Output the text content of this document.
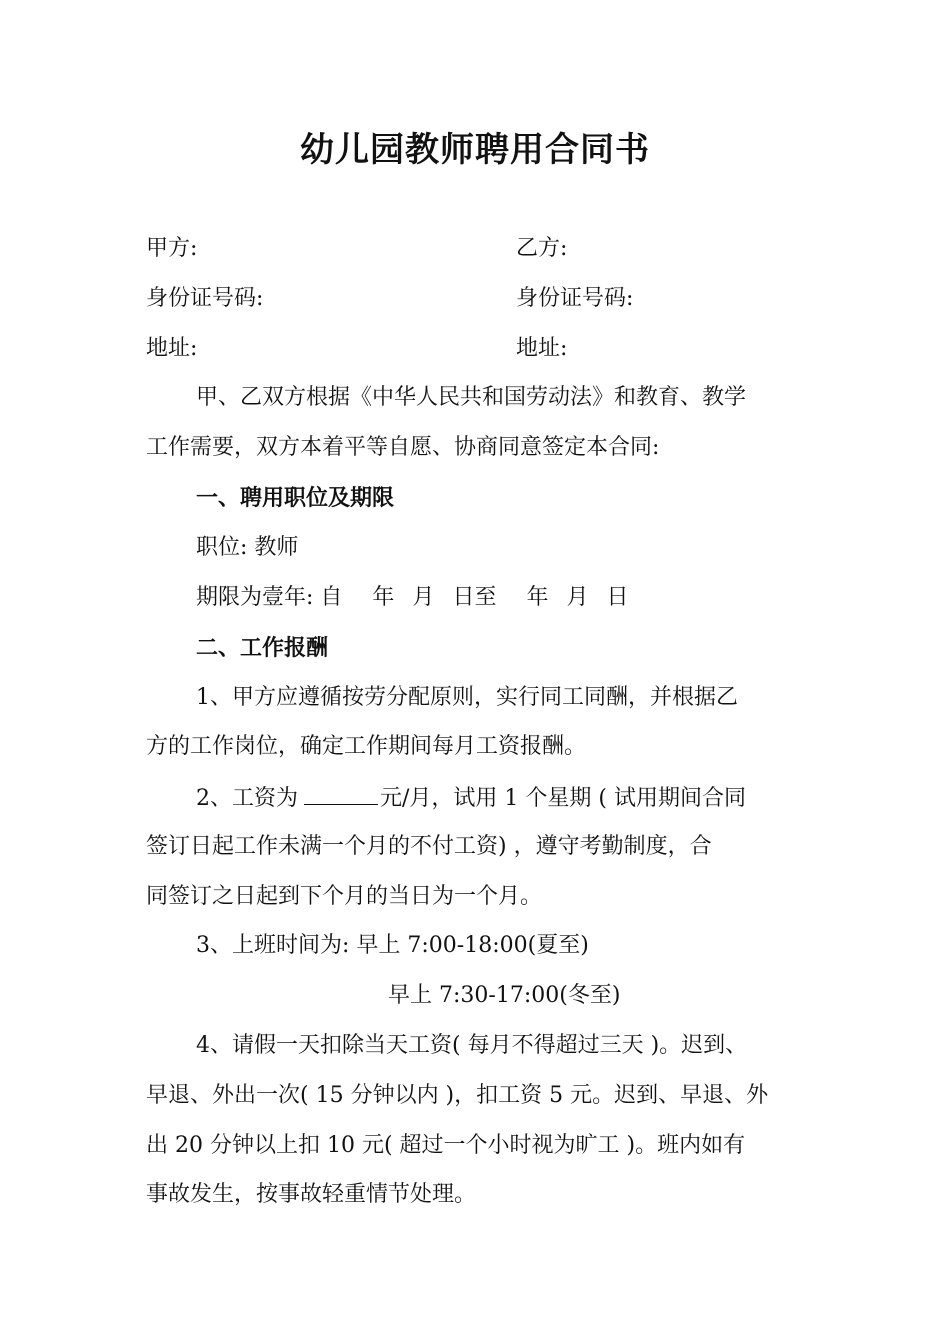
幼儿园教师聘用合同书
甲方:	乙方:
身份证号码:	身份证号码:
地址:	地址:
甲、乙双方根据《中华人民共和国劳动法》和教育、教学
工作需要，双方本着平等自愿、协商同意签定本合同:
一、聘用职位及期限
职位: 教师
期限为壹年: 自 年 月 日至 年 月 日
二、工作报酬
1、甲方应遵循按劳分配原则，实行同工同酬，并根据乙
方的工作岗位，确定工作期间每月工资报酬。
2、工资为	元/月，试用 1 个星期 ( 试用期间合同
签订日起工作未满一个月的不付工资) ，遵守考勤制度，合
同签订之日起到下个月的当日为一个月。
3、上班时间为: 早上 7:00-18:00(夏至)
早上 7:30-17:00(冬至)
4、请假一天扣除当天工资( 每月不得超过三天 )。迟到、
早退、外出一次( 15 分钟以内 )，扣工资 5 元。迟到、早退、外
出 20 分钟以上扣 10 元( 超过一个小时视为旷工 )。班内如有
事故发生，按事故轻重情节处理。
